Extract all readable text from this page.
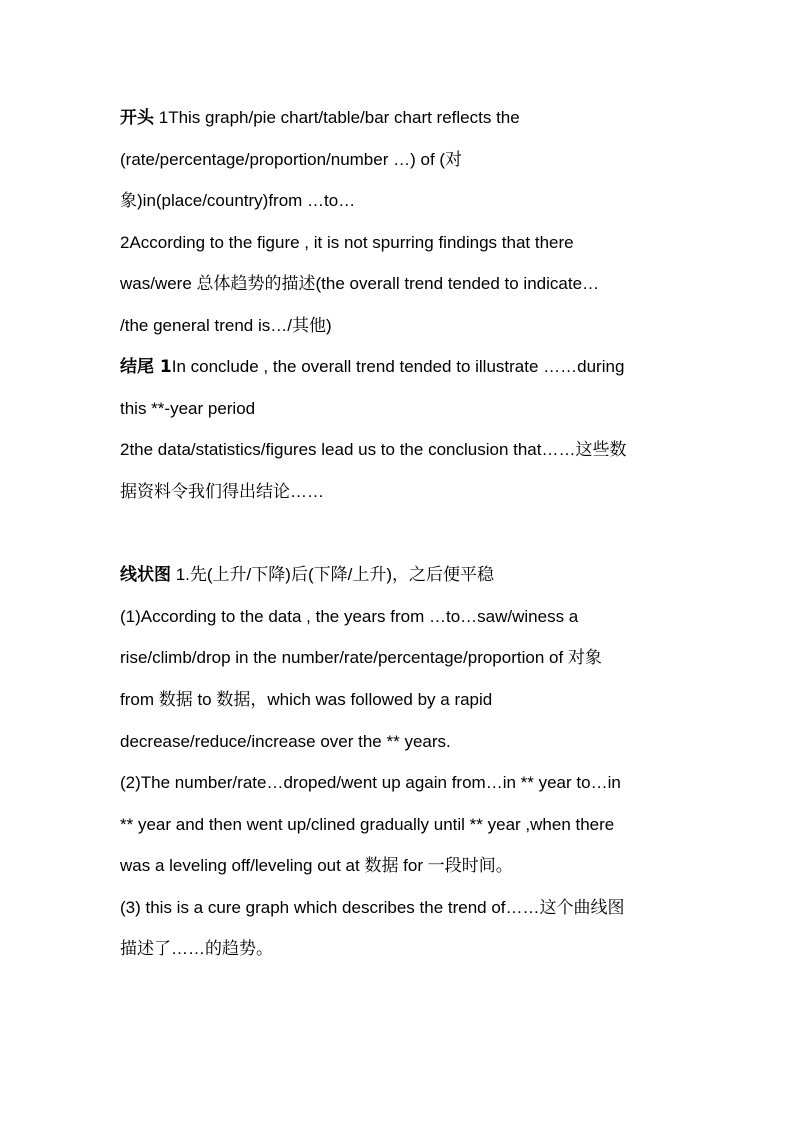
开头 1This graph/pie chart/table/bar chart reflects the
(rate/percentage/proportion/number …) of (对
象)in(place/country)from …to…
2According to the figure , it is not spurring findings that there
was/were 总体趋势的描述(the overall trend tended to indicate…
/the general trend is…/其他)
结尾 1In conclude , the overall trend tended to illustrate ……during
this **-year period
2the data/statistics/figures lead us to the conclusion that……这些数
据资料令我们得出结论……
线状图 1.先(上升/下降)后(下降/上升)，之后便平稳
(1)According to the data , the years from …to…saw/winess a
rise/climb/drop in the number/rate/percentage/proportion of 对象
from 数据 to 数据，which was followed by a rapid
decrease/reduce/increase over the ** years.
(2)The number/rate…droped/went up again from…in ** year to…in
** year and then went up/clined gradually until ** year ,when there
was a leveling off/leveling out at 数据 for 一段时间。
(3) this is a cure graph which describes the trend of……这个曲线图
描述了……的趋势。
